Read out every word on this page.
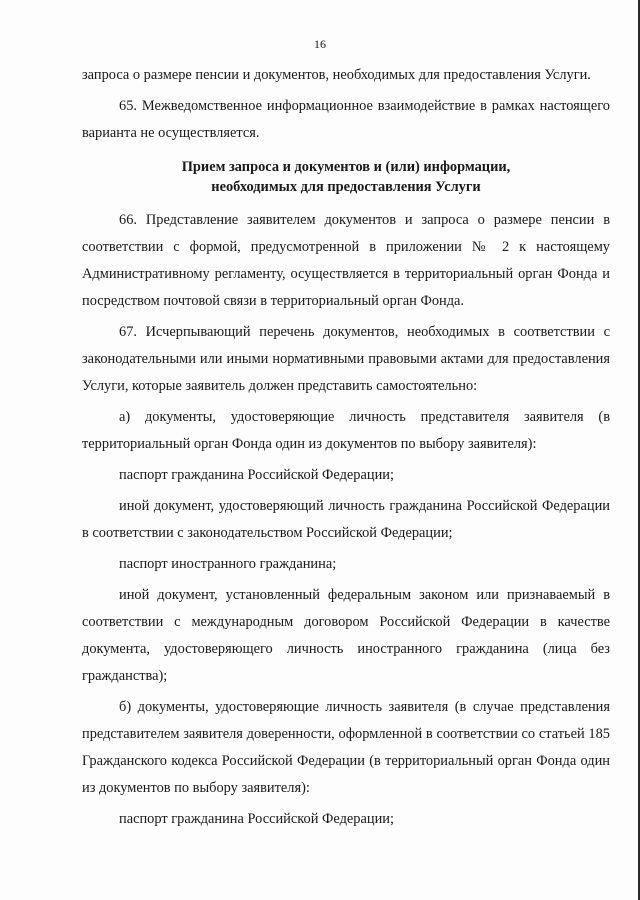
16

запроса о размере пенсии и документов, необходимых для предоставления Услуги.

65. Межведомственное информационное взаимодействие в рамках настоящего варианта не осуществляется.

Прием запроса и документов и (или) информации,
необходимых для предоставления Услуги

66. Представление заявителем документов и запроса о размере пенсии в соответствии с формой, предусмотренной в приложении № 2 к настоящему Административному регламенту, осуществляется в территориальный орган Фонда и посредством почтовой связи в территориальный орган Фонда.

67. Исчерпывающий перечень документов, необходимых в соответствии с законодательными или иными нормативными правовыми актами для предоставления Услуги, которые заявитель должен представить самостоятельно:

а) документы, удостоверяющие личность представителя заявителя (в территориальный орган Фонда один из документов по выбору заявителя):

паспорт гражданина Российской Федерации;

иной документ, удостоверяющий личность гражданина Российской Федерации в соответствии с законодательством Российской Федерации;

паспорт иностранного гражданина;

иной документ, установленный федеральным законом или признаваемый в соответствии с международным договором Российской Федерации в качестве документа, удостоверяющего личность иностранного гражданина (лица без гражданства);

б) документы, удостоверяющие личность заявителя (в случае представления представителем заявителя доверенности, оформленной в соответствии со статьей 185 Гражданского кодекса Российской Федерации (в территориальный орган Фонда один из документов по выбору заявителя):

паспорт гражданина Российской Федерации;
